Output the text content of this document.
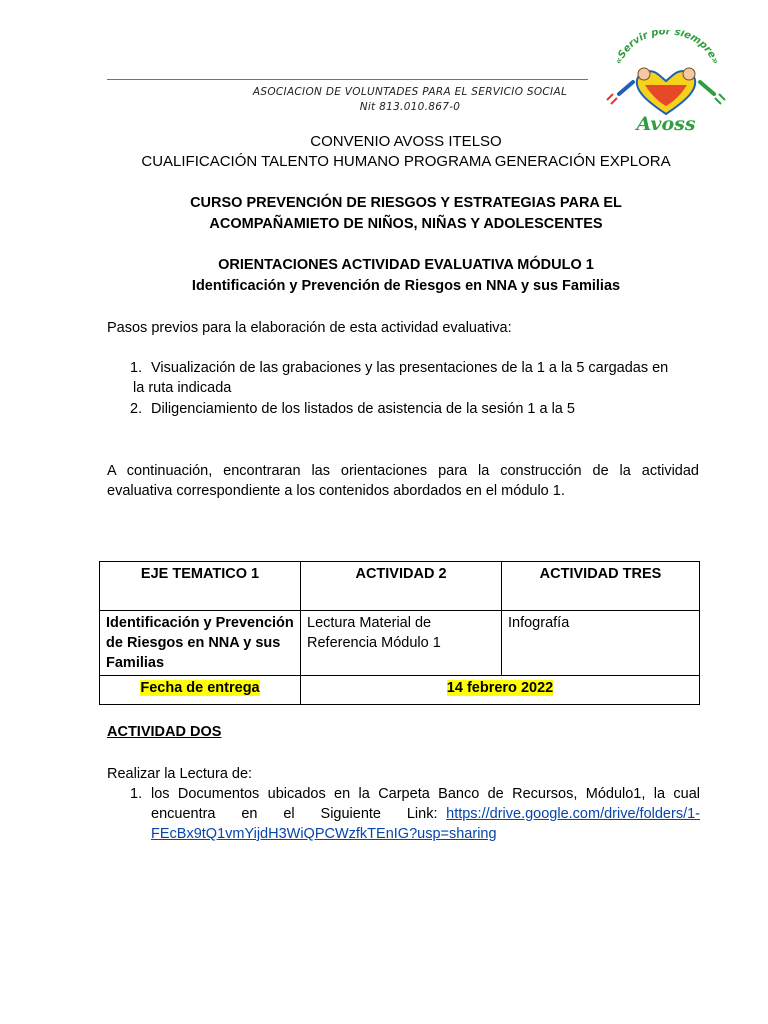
ASOCIACION DE VOLUNTADES PARA EL SERVICIO SOCIAL
Nit 813.010.867-0
«Servir por siempre»
Avoss
CONVENIO AVOSS ITELSO
CUALIFICACIÓN TALENTO HUMANO PROGRAMA GENERACIÓN EXPLORA
CURSO PREVENCIÓN DE RIESGOS Y ESTRATEGIAS PARA EL
ACOMPAÑAMIETO DE NIÑOS, NIÑAS Y ADOLESCENTES
ORIENTACIONES ACTIVIDAD EVALUATIVA MÓDULO 1
Identificación y Prevención de Riesgos en NNA y sus Familias
Pasos previos para la elaboración de esta actividad evaluativa:
1. Visualización de las grabaciones y las presentaciones de la 1 a la 5 cargadas en
la ruta indicada
2. Diligenciamiento de los listados de asistencia de la sesión 1 a la 5
A continuación, encontraran las orientaciones para la construcción de la actividad evaluativa correspondiente a los contenidos abordados en el módulo 1.
EJE TEMATICO 1	ACTIVIDAD 2	ACTIVIDAD TRES
Identificación y Prevención de Riesgos en NNA y sus Familias	Lectura Material de Referencia Módulo 1	Infografía
Fecha de entrega	14 febrero 2022	
ACTIVIDAD DOS
Realizar la Lectura de:
1. los Documentos ubicados en la Carpeta Banco de Recursos, Módulo1, la cual
encuentra   en   el   Siguiente   Link: https://drive.google.com/drive/folders/1-
FEcBx9tQ1vmYijdH3WiQPCWzfkTEnIG?usp=sharing
